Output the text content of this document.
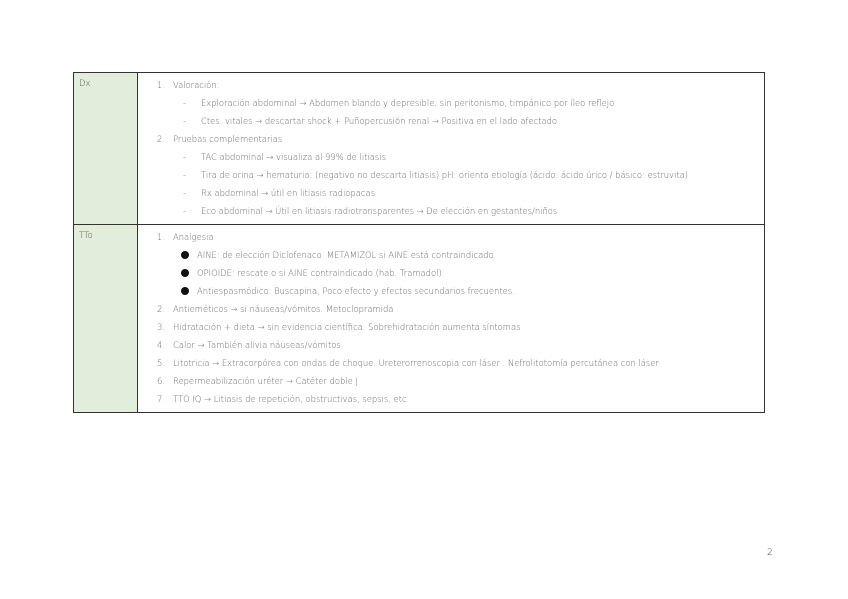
Dx	1. Valoración:
-	Exploración abdominal → Abdomen blando y depresible, sin peritonismo, timpánico por íleo reflejo
-	Ctes. vitales → descartar shock + Puñopercusión renal → Positiva en el lado afectado
2. Pruebas complementarias
-	TAC abdominal → visualiza al 99% de litiasis
-	Tira de orina → hematuria: (negativo no descarta litiasis) pH: orienta etiología (ácido: ácido úrico / básico: estruvita)
-	Rx abdominal → útil en litiasis radiopacas
-	Eco abdominal → Útil en litiasis radiotransparentes → De elección en gestantes/niños
TTo	1. Analgesia
AINE: de elección Diclofenaco. METAMIZOL si AINE está contraindicado.
OPIOIDE: rescate o si AINE contraindicado (hab. Tramadol).
Antiespasmódico: Buscapina, Poco efecto y efectos secundarios frecuentes.
2. Antieméticos → si náuseas/vómitos. Metoclopramida
3. Hidratación + dieta → sin evidencia científica. Sobrehidratación aumenta síntomas
4. Calor → También alivia náuseas/vómitos
5. Litotricia → Extracorpórea con ondas de choque. Ureterorrenoscopia con láser . Nefrolitotomía percutánea con láser
6. Repermeabilización uréter → Catéter doble J
7. TTO IQ → Litiasis de repetición, obstructivas, sepsis, etc.
2
